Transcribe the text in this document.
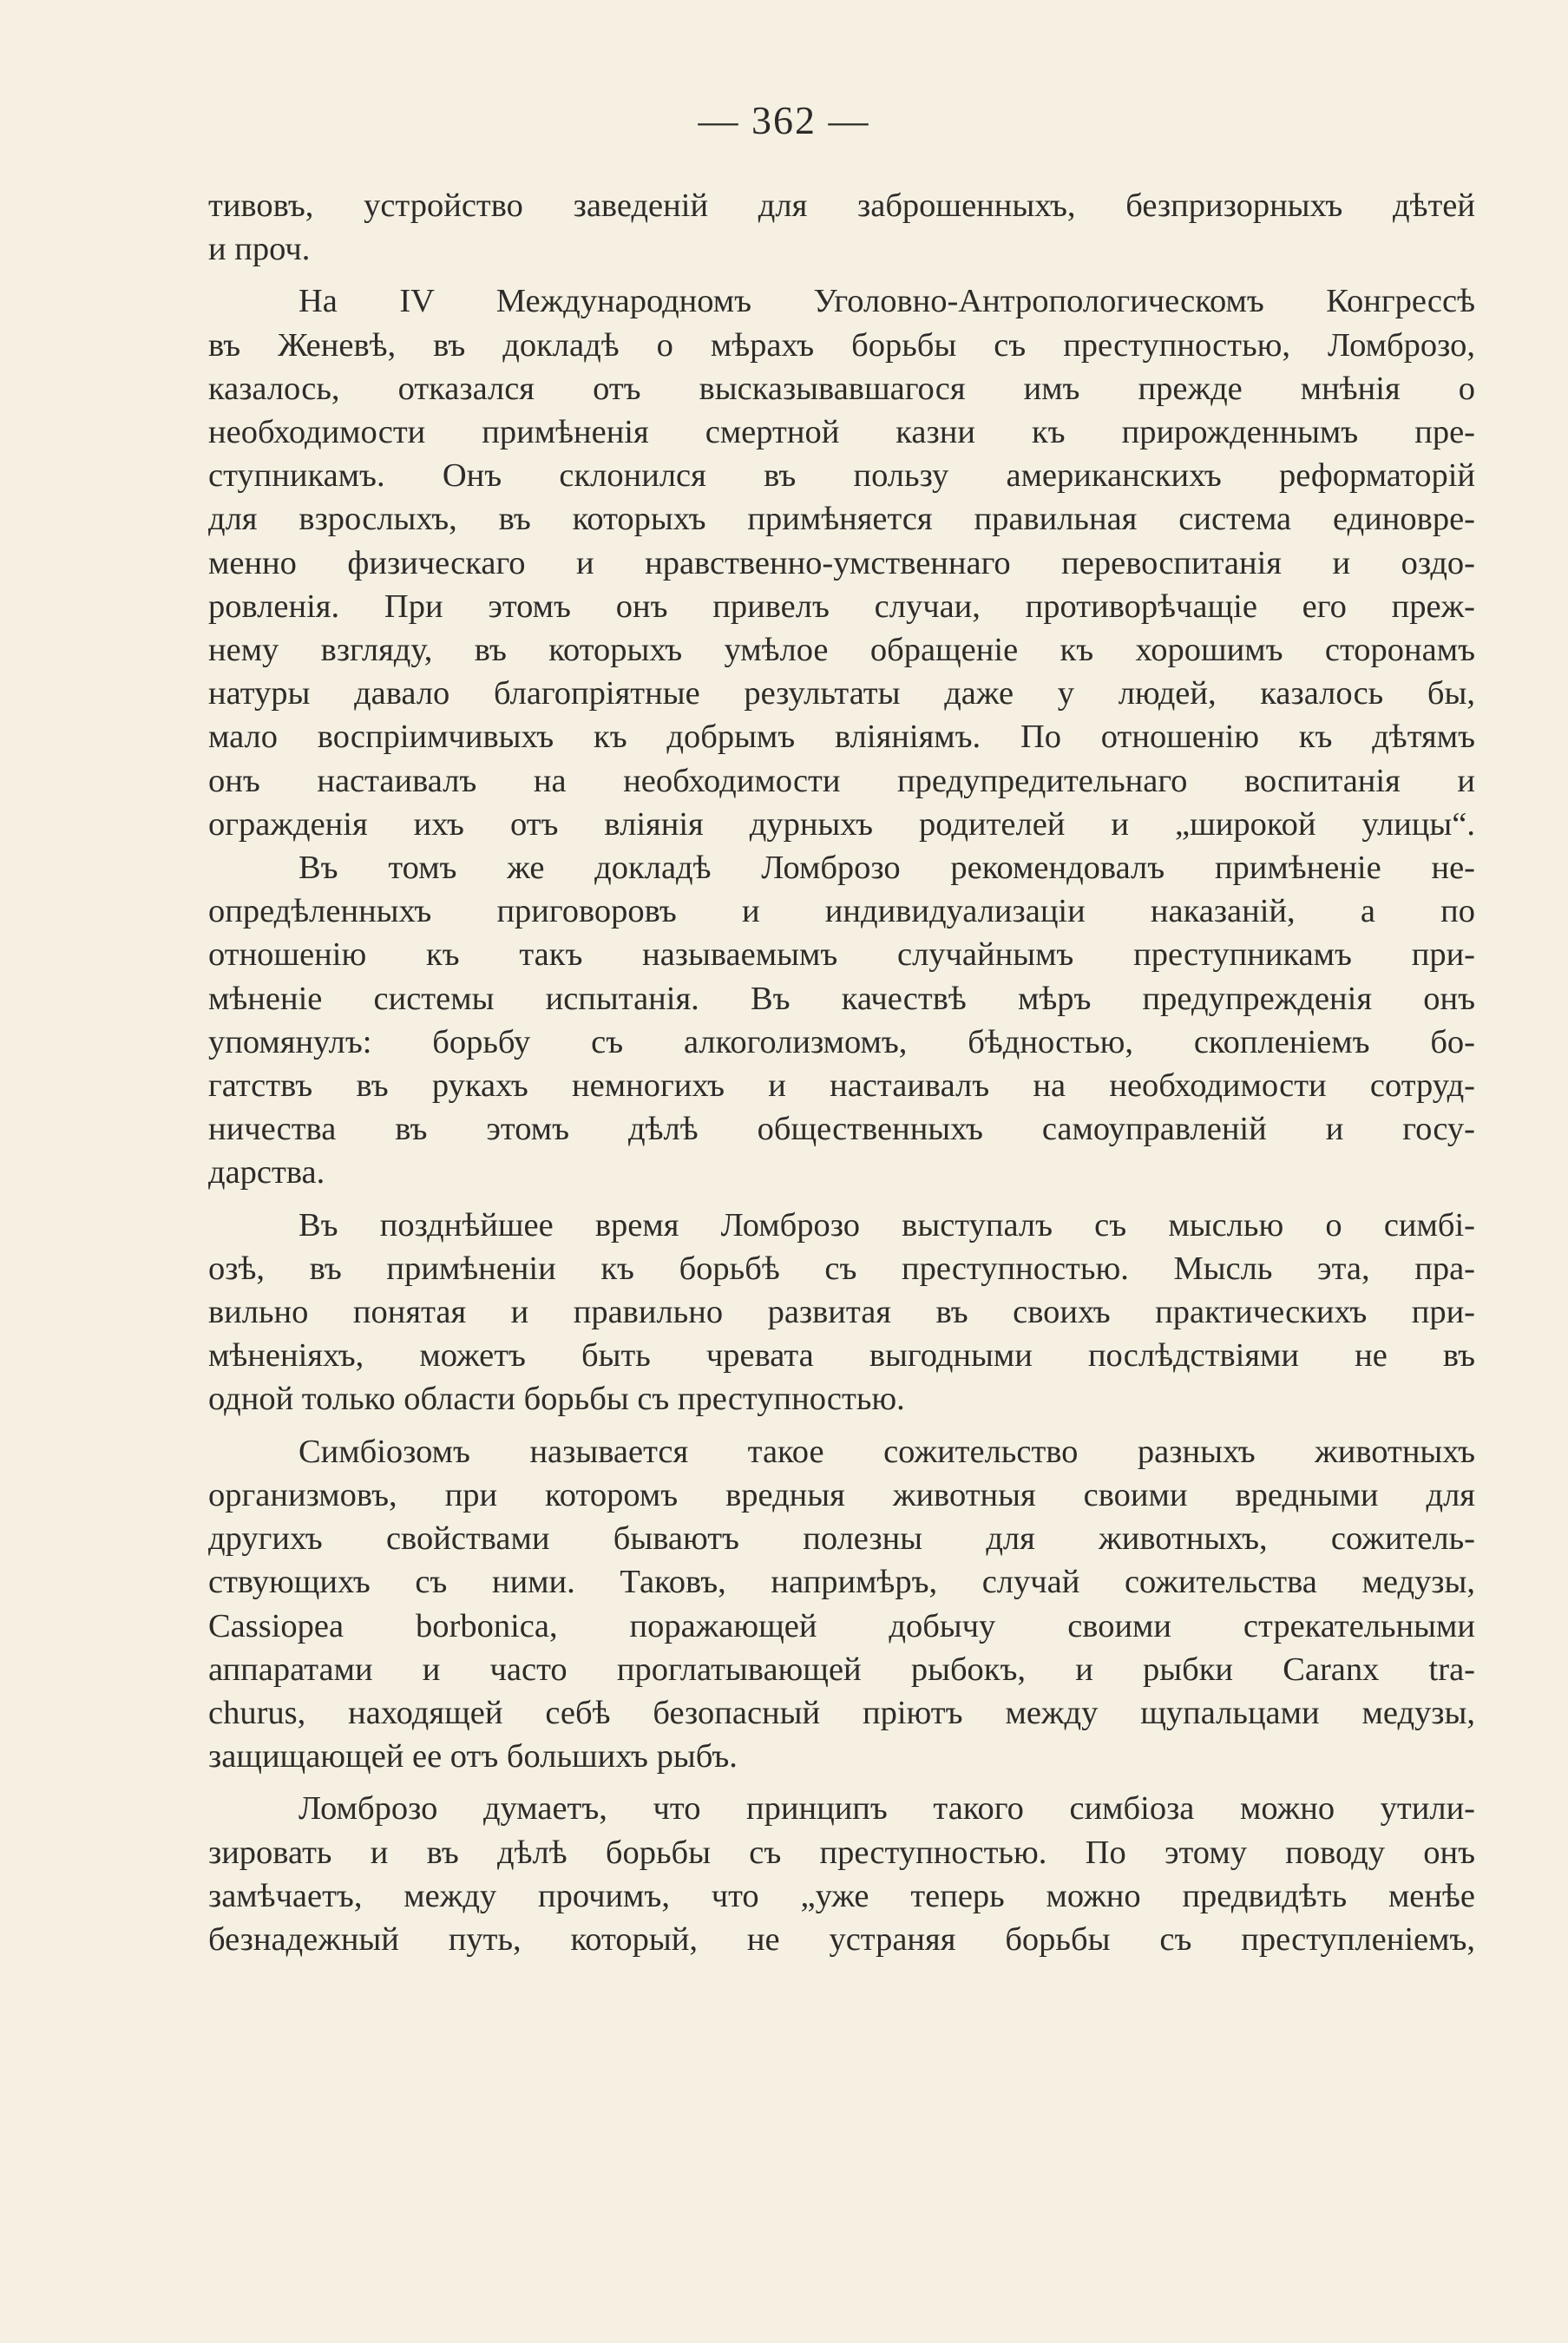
— 362 —
тивовъ, устройство заведеній для заброшенныхъ, безпризорныхъ дѣтей
и проч.
На IV Международномъ Уголовно-Антропологическомъ Конгрессѣ
въ Женевѣ, въ докладѣ о мѣрахъ борьбы съ преступностью, Ломброзо,
казалось, отказался отъ высказывавшагося имъ прежде мнѣнія о
необходимости примѣненія смертной казни къ прирожденнымъ пре-
ступникамъ. Онъ склонился въ пользу американскихъ реформаторій
для взрослыхъ, въ которыхъ примѣняется правильная система единовре-
менно физическаго и нравственно-умственнаго перевоспитанія и оздо-
ровленія. При этомъ онъ привелъ случаи, противорѣчащіе его преж-
нему взгляду, въ которыхъ умѣлое обращеніе къ хорошимъ сторонамъ
натуры давало благопріятные результаты даже у людей, казалось бы,
мало воспріимчивыхъ къ добрымъ вліяніямъ. По отношенію къ дѣтямъ
онъ настаивалъ на необходимости предупредительнаго воспитанія и
огражденія ихъ отъ вліянія дурныхъ родителей и „широкой улицы“.
Въ томъ же докладѣ Ломброзо рекомендовалъ примѣненіе не-
опредѣленныхъ приговоровъ и индивидуализаціи наказаній, а по
отношенію къ такъ называемымъ случайнымъ преступникамъ при-
мѣненіе системы испытанія. Въ качествѣ мѣръ предупрежденія онъ
упомянулъ: борьбу съ алкоголизмомъ, бѣдностью, скопленіемъ бо-
гатствъ въ рукахъ немногихъ и настаивалъ на необходимости сотруд-
ничества въ этомъ дѣлѣ общественныхъ самоуправленій и госу-
дарства.
Въ позднѣйшее время Ломброзо выступалъ съ мыслью о симбі-
озѣ, въ примѣненіи къ борьбѣ съ преступностью. Мысль эта, пра-
вильно понятая и правильно развитая въ своихъ практическихъ при-
мѣненіяхъ, можетъ быть чревата выгодными послѣдствіями не въ
одной только области борьбы съ преступностью.
Симбіозомъ называется такое сожительство разныхъ животныхъ
организмовъ, при которомъ вредныя животныя своими вредными для
другихъ свойствами бываютъ полезны для животныхъ, сожитель-
ствующихъ съ ними. Таковъ, напримѣръ, случай сожительства медузы,
Cassiopea borbonica, поражающей добычу своими стрекательными
аппаратами и часто проглатывающей рыбокъ, и рыбки Caranx tra-
churus, находящей себѣ безопасный пріютъ между щупальцами медузы,
защищающей ее отъ большихъ рыбъ.
Ломброзо думаетъ, что принципъ такого симбіоза можно утили-
зировать и въ дѣлѣ борьбы съ преступностью. По этому поводу онъ
замѣчаетъ, между прочимъ, что „уже теперь можно предвидѣть менѣе
безнадежный путь, который, не устраняя борьбы съ преступленіемъ,
